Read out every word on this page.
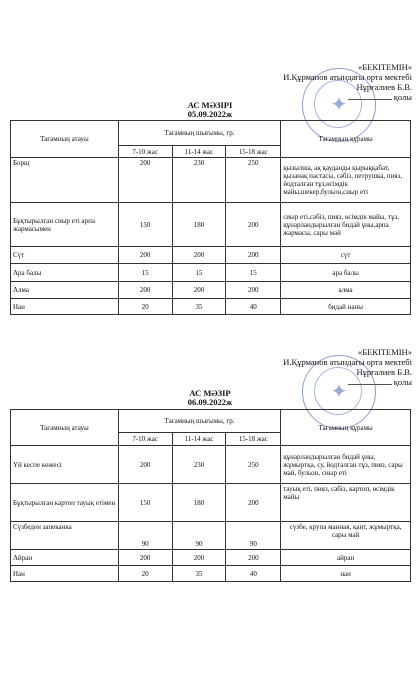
✦
«БЕКІТЕМІН»
И.Құрманов атындағы орта мектебі
Нұрғалиев Б.В.
қолы
АС МӘЗІРІ
05.09.2022ж
Тағамның атауы	Тағамның шығымы, гр.			Тағамның құрамы
	7-10 жас	11-14 жас	15-18 жас	
Борщ	200	230	250	қызылша, ақ қауданды қырыққабат, қызанақ пастасы, сәбіз, петрушка, пияз, йодталған тұз,өсімдік майы,шекер,бульон,сиыр еті
Бұқтырылған сиыр еті арпа жармасымен	150	180	200	сиыр еті,сәбіз, пияз, өсімдік майы, тұз, құнарландырылған бидай ұны,арпа жармасы, сары май
Сүт	200	200	200	сүт
Ара балы	15	15	15	ара балы
Алма	200	200	200	алма
Нан	20	35	40	бидай наны
✦
«БЕКІТЕМІН»
И.Құрманов атындағы орта мектебі
Нұрғалиев Б.В.
қолы
АС МӘЗІР
06.09.2022ж
Тағамның атауы	Тағамның шығымы, гр.			Тағамның құрамы
	7-10 жас	11-14 жас	15-18 жас	
Үй кеспе көжесі	200	230	250	құнарландырылған бидай ұны, жұмыртқа, су, йодталған тұз, пияз, сары май, бульон, сиыр еті
Бұқтырылған картоп тауық етімен	150	180	200	тауық еті, пияз, сәбіз, картоп, өсімдік майы
Сүзбеден запеканка	90	90	90	сүзбе, крупа манная, қант, жұмыртқа, сары май
Айран	200	200	200	айран
Нан	20	35	40	нан
